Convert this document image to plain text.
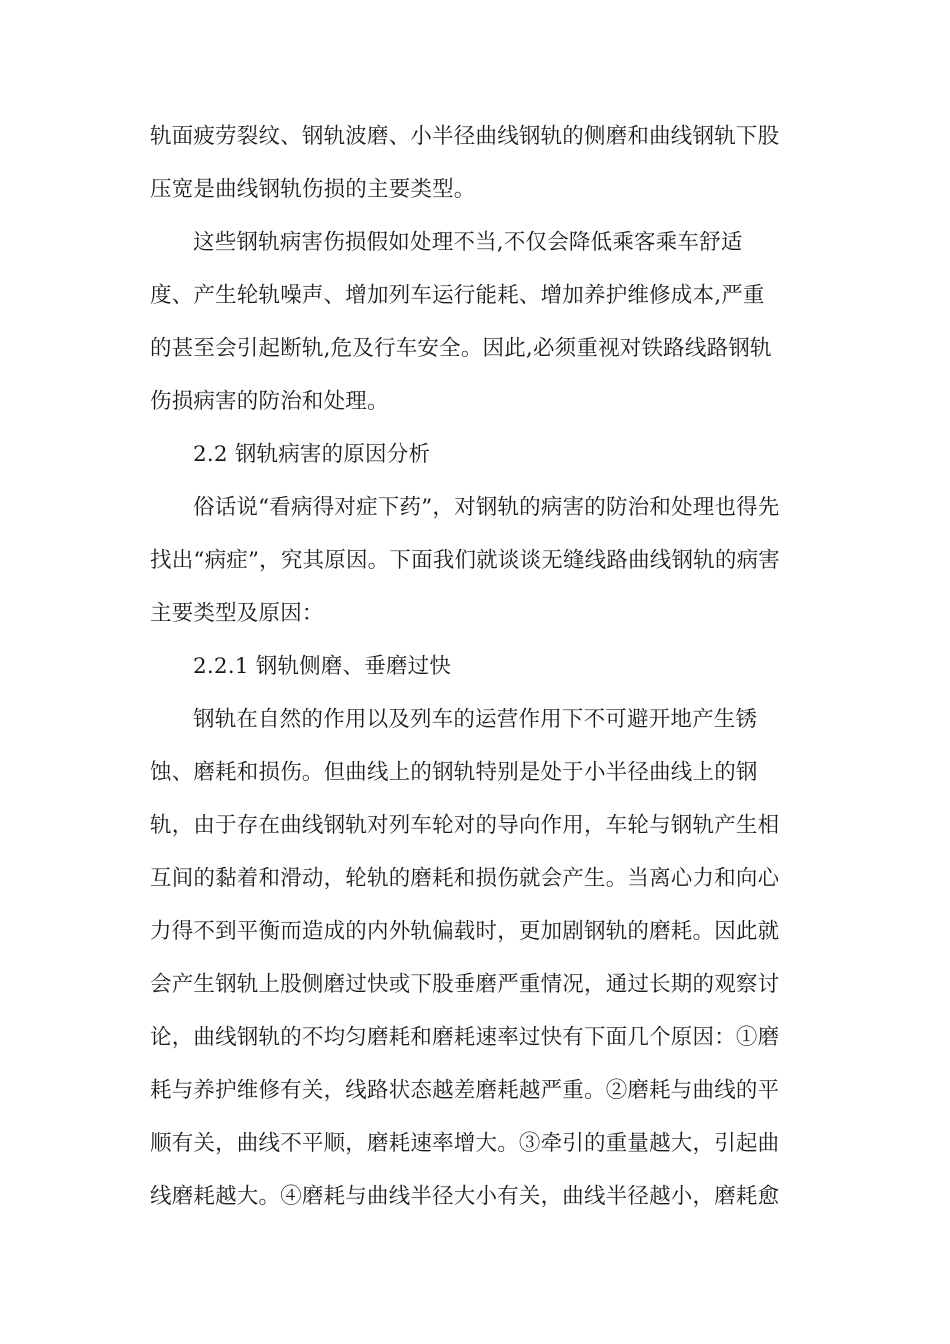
轨面疲劳裂纹、钢轨波磨、小半径曲线钢轨的侧磨和曲线钢轨下股
压宽是曲线钢轨伤损的主要类型。
这些钢轨病害伤损假如处理不当,不仅会降低乘客乘车舒适
度、产生轮轨噪声、增加列车运行能耗、增加养护维修成本,严重
的甚至会引起断轨,危及行车安全。因此,必须重视对铁路线路钢轨
伤损病害的防治和处理。
2.2 钢轨病害的原因分析
俗话说“看病得对症下药”，对钢轨的病害的防治和处理也得先
找出“病症”，究其原因。下面我们就谈谈无缝线路曲线钢轨的病害
主要类型及原因：
2.2.1 钢轨侧磨、垂磨过快
钢轨在自然的作用以及列车的运营作用下不可避开地产生锈
蚀、磨耗和损伤。但曲线上的钢轨特别是处于小半径曲线上的钢
轨，由于存在曲线钢轨对列车轮对的导向作用，车轮与钢轨产生相
互间的黏着和滑动，轮轨的磨耗和损伤就会产生。当离心力和向心
力得不到平衡而造成的内外轨偏载时，更加剧钢轨的磨耗。因此就
会产生钢轨上股侧磨过快或下股垂磨严重情况，通过长期的观察讨
论，曲线钢轨的不均匀磨耗和磨耗速率过快有下面几个原因：①磨
耗与养护维修有关，线路状态越差磨耗越严重。②磨耗与曲线的平
顺有关，曲线不平顺，磨耗速率增大。③牵引的重量越大，引起曲
线磨耗越大。④磨耗与曲线半径大小有关，曲线半径越小，磨耗愈
